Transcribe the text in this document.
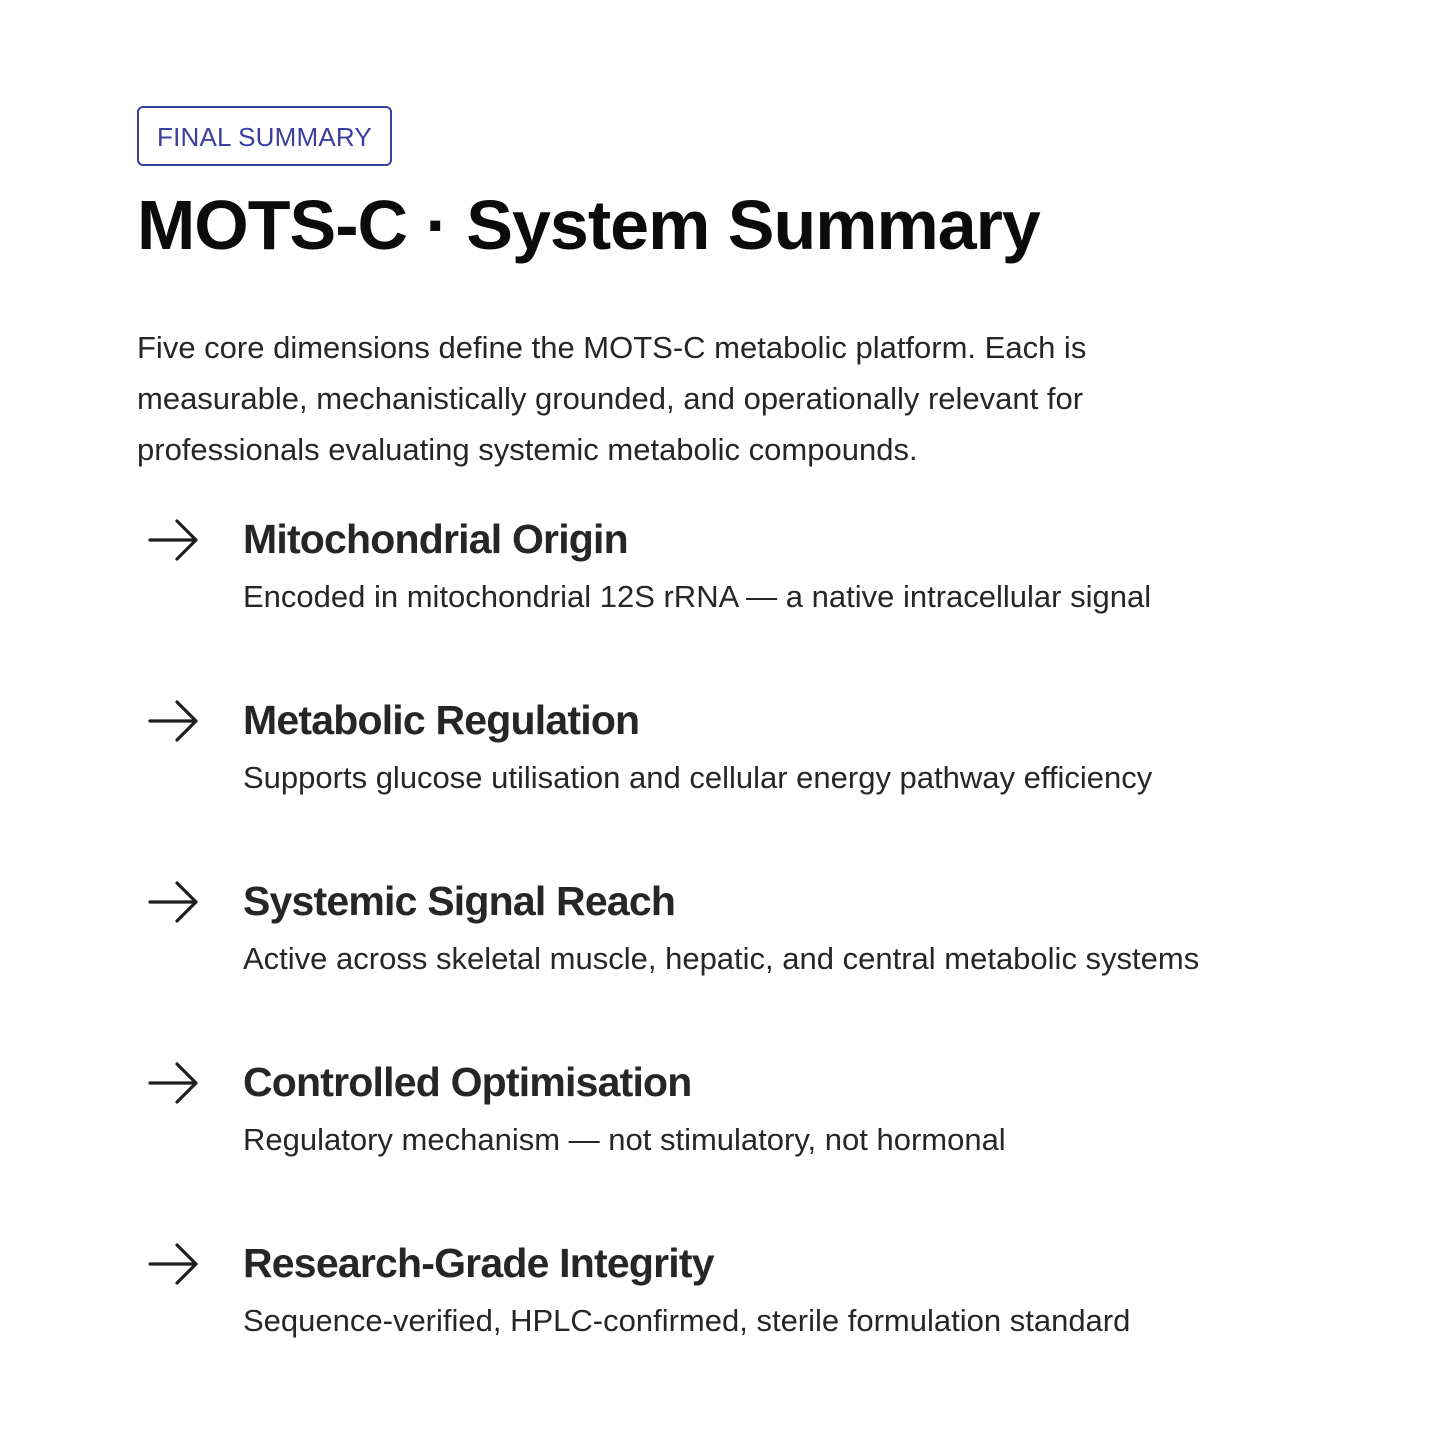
FINAL SUMMARY
MOTS-C · System Summary

Five core dimensions define the MOTS-C metabolic platform. Each is measurable, mechanistically grounded, and operationally relevant for professionals evaluating systemic metabolic compounds.

Mitochondrial Origin

Encoded in mitochondrial 12S rRNA — a native intracellular signal

Metabolic Regulation

Supports glucose utilisation and cellular energy pathway efficiency

Systemic Signal Reach

Active across skeletal muscle, hepatic, and central metabolic systems

Controlled Optimisation

Regulatory mechanism — not stimulatory, not hormonal

Research-Grade Integrity

Sequence-verified, HPLC-confirmed, sterile formulation standard
